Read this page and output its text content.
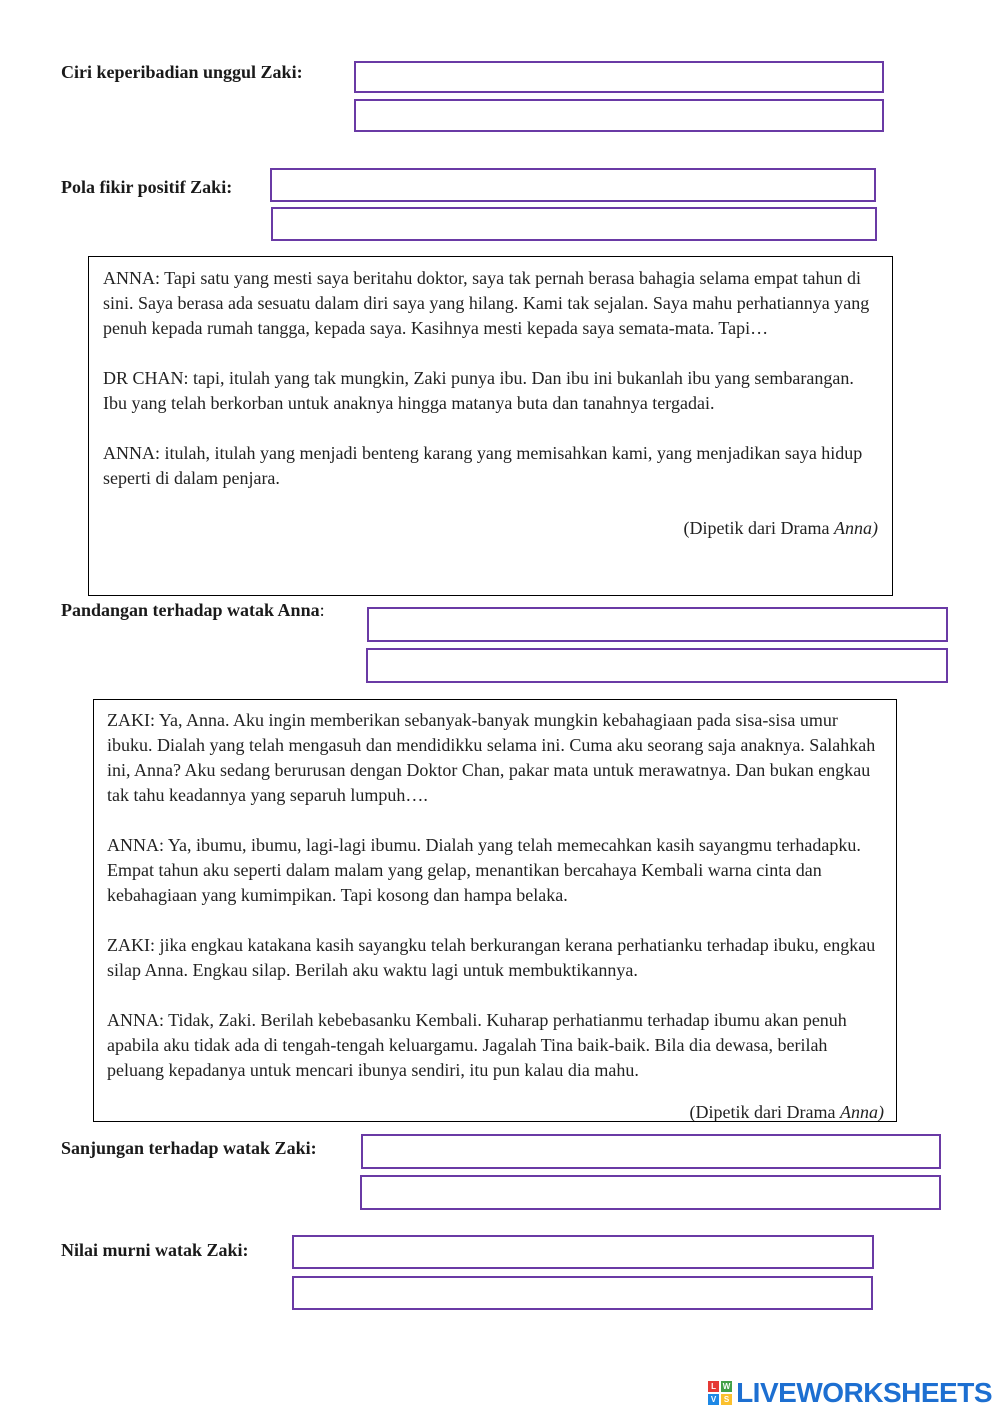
Ciri keperibadian unggul Zaki:
Pola fikir positif Zaki:

ANNA: Tapi satu yang mesti saya beritahu doktor, saya tak pernah berasa bahagia selama empat tahun di sini. Saya berasa ada sesuatu dalam diri saya yang hilang. Kami tak sejalan. Saya mahu perhatiannya yang penuh kepada rumah tangga, kepada saya. Kasihnya mesti kepada saya semata-mata. Tapi…

DR CHAN: tapi, itulah yang tak mungkin, Zaki punya ibu. Dan ibu ini bukanlah ibu yang sembarangan. Ibu yang telah berkorban untuk anaknya hingga matanya buta dan tanahnya tergadai.

ANNA: itulah, itulah yang menjadi benteng karang yang memisahkan kami, yang menjadikan saya hidup seperti di dalam penjara.

(Dipetik dari Drama Anna)
Pandangan terhadap watak Anna:

ZAKI: Ya, Anna. Aku ingin memberikan sebanyak-banyak mungkin kebahagiaan pada sisa-sisa umur ibuku. Dialah yang telah mengasuh dan mendidikku selama ini. Cuma aku seorang saja anaknya. Salahkah ini, Anna? Aku sedang berurusan dengan Doktor Chan, pakar mata untuk merawatnya. Dan bukan engkau tak tahu keadannya yang separuh lumpuh….

ANNA: Ya, ibumu, ibumu, lagi-lagi ibumu. Dialah yang telah memecahkan kasih sayangmu terhadapku. Empat tahun aku seperti dalam malam yang gelap, menantikan bercahaya Kembali warna cinta dan kebahagiaan yang kumimpikan. Tapi kosong dan hampa belaka.

ZAKI: jika engkau katakana kasih sayangku telah berkurangan kerana perhatianku terhadap ibuku, engkau silap Anna. Engkau silap. Berilah aku waktu lagi untuk membuktikannya.

ANNA: Tidak, Zaki. Berilah kebebasanku Kembali. Kuharap perhatianmu terhadap ibumu akan penuh apabila aku tidak ada di tengah-tengah keluargamu. Jagalah Tina baik-baik. Bila dia dewasa, berilah peluang kepadanya untuk mencari ibunya sendiri, itu pun kalau dia mahu.

(Dipetik dari Drama Anna)
Sanjungan terhadap watak Zaki:
Nilai murni watak Zaki:
L W
V S LIVEWORKSHEETS
